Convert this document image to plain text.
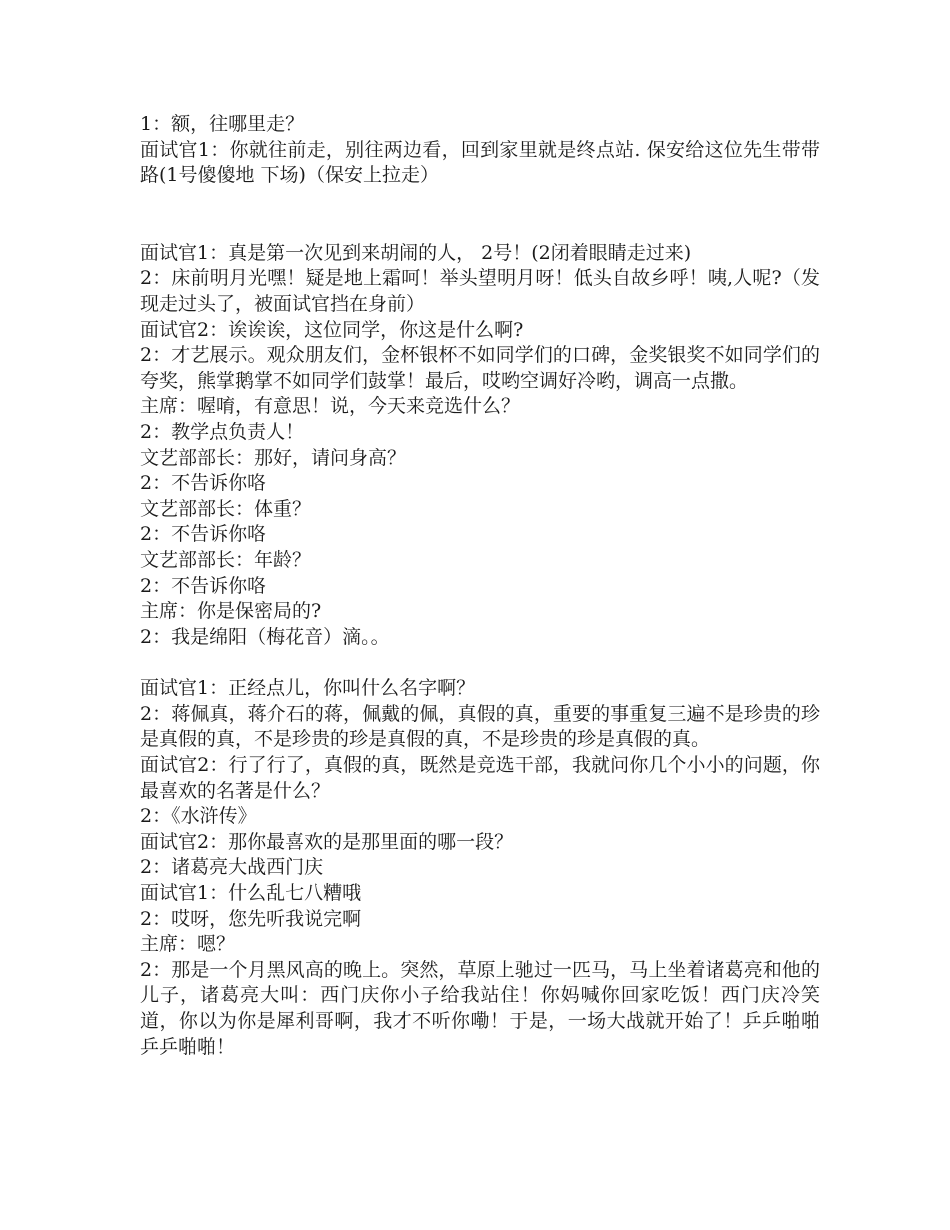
1：额，往哪里走？

面试官1：你就往前走，别往两边看，回到家里就是终点站. 保安给这位先生带带路(1号傻傻地 下场)（保安上拉走）

面试官1：真是第一次见到来胡闹的人， 2号！(2闭着眼睛走过来)

2：床前明月光嘿！疑是地上霜呵！举头望明月呀！低头自故乡呼！咦,人呢?（发现走过头了，被面试官挡在身前）

面试官2：诶诶诶，这位同学，你这是什么啊?

2：才艺展示。观众朋友们，金杯银杯不如同学们的口碑，金奖银奖不如同学们的夸奖，熊掌鹅掌不如同学们鼓掌！最后，哎哟空调好冷哟，调高一点撒。

主席：喔唷，有意思！说，今天来竞选什么？

2：教学点负责人！

文艺部部长：那好，请问身高？

2：不告诉你咯

文艺部部长：体重？

2：不告诉你咯

文艺部部长：年龄？

2：不告诉你咯

主席：你是保密局的?

2：我是绵阳（梅花音）滴。。

面试官1：正经点儿，你叫什么名字啊？

2：蒋佩真，蒋介石的蒋，佩戴的佩，真假的真，重要的事重复三遍不是珍贵的珍是真假的真，不是珍贵的珍是真假的真，不是珍贵的珍是真假的真。

面试官2：行了行了，真假的真，既然是竞选干部，我就问你几个小小的问题，你最喜欢的名著是什么？

2：《水浒传》

面试官2：那你最喜欢的是那里面的哪一段？

2：诸葛亮大战西门庆

面试官1：什么乱七八糟哦

2：哎呀，您先听我说完啊

主席：嗯？

2：那是一个月黑风高的晚上。突然，草原上驰过一匹马，马上坐着诸葛亮和他的儿子，诸葛亮大叫：西门庆你小子给我站住！你妈喊你回家吃饭！西门庆冷笑道，你以为你是犀利哥啊，我才不听你嘞！于是，一场大战就开始了！乒乒啪啪乒乒啪啪！
